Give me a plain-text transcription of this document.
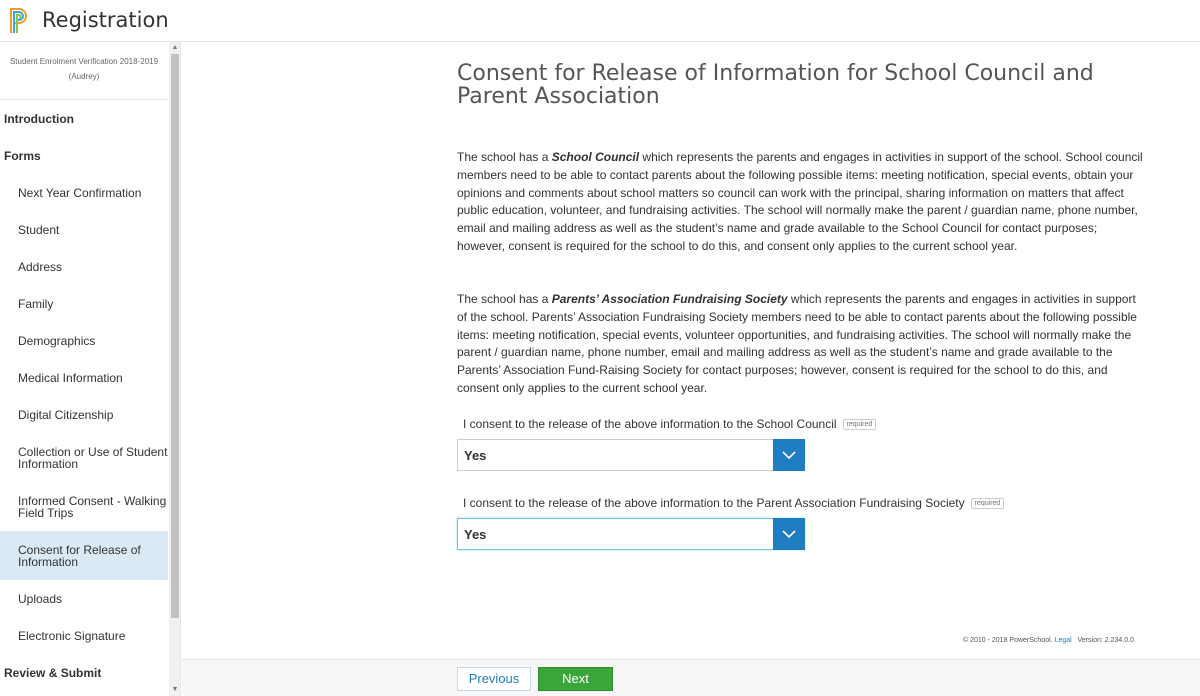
Registration
Student Enrolment Verification 2018-2019 (Audrey)
Introduction
Forms
Next Year Confirmation
Student
Address
Family
Demographics
Medical Information
Digital Citizenship
Collection or Use of Student Information
Informed Consent - Walking Field Trips
Consent for Release of Information
Uploads
Electronic Signature
Review & Submit
▲
▼
Consent for Release of Information for School Council and Parent Association

The school has a School Council which represents the parents and engages in activities in support of the school. School council members need to be able to contact parents about the following possible items: meeting notification, special events, obtain your opinions and comments about school matters so council can work with the principal, sharing information on matters that affect public education, volunteer, and fundraising activities. The school will normally make the parent / guardian name, phone number, email and mailing address as well as the student’s name and grade available to the School Council for contact purposes; however, consent is required for the school to do this, and consent only applies to the current school year.

The school has a Parents’ Association Fundraising Society which represents the parents and engages in activities in support of the school. Parents’ Association Fundraising Society members need to be able to contact parents about the following possible items: meeting notification, special events, volunteer opportunities, and fundraising activities. The school will normally make the parent / guardian name, phone number, email and mailing address as well as the student’s name and grade available to the Parents’ Association Fund-Raising Society for contact purposes; however, consent is required for the school to do this, and consent only applies to the current school year.

I consent to the release of the above information to the School Council required
Yes
I consent to the release of the above information to the Parent Association Fundraising Society required
Yes
© 2010 - 2018 PowerSchool. Legal Version: 2.234.0.0
Previous	Next
